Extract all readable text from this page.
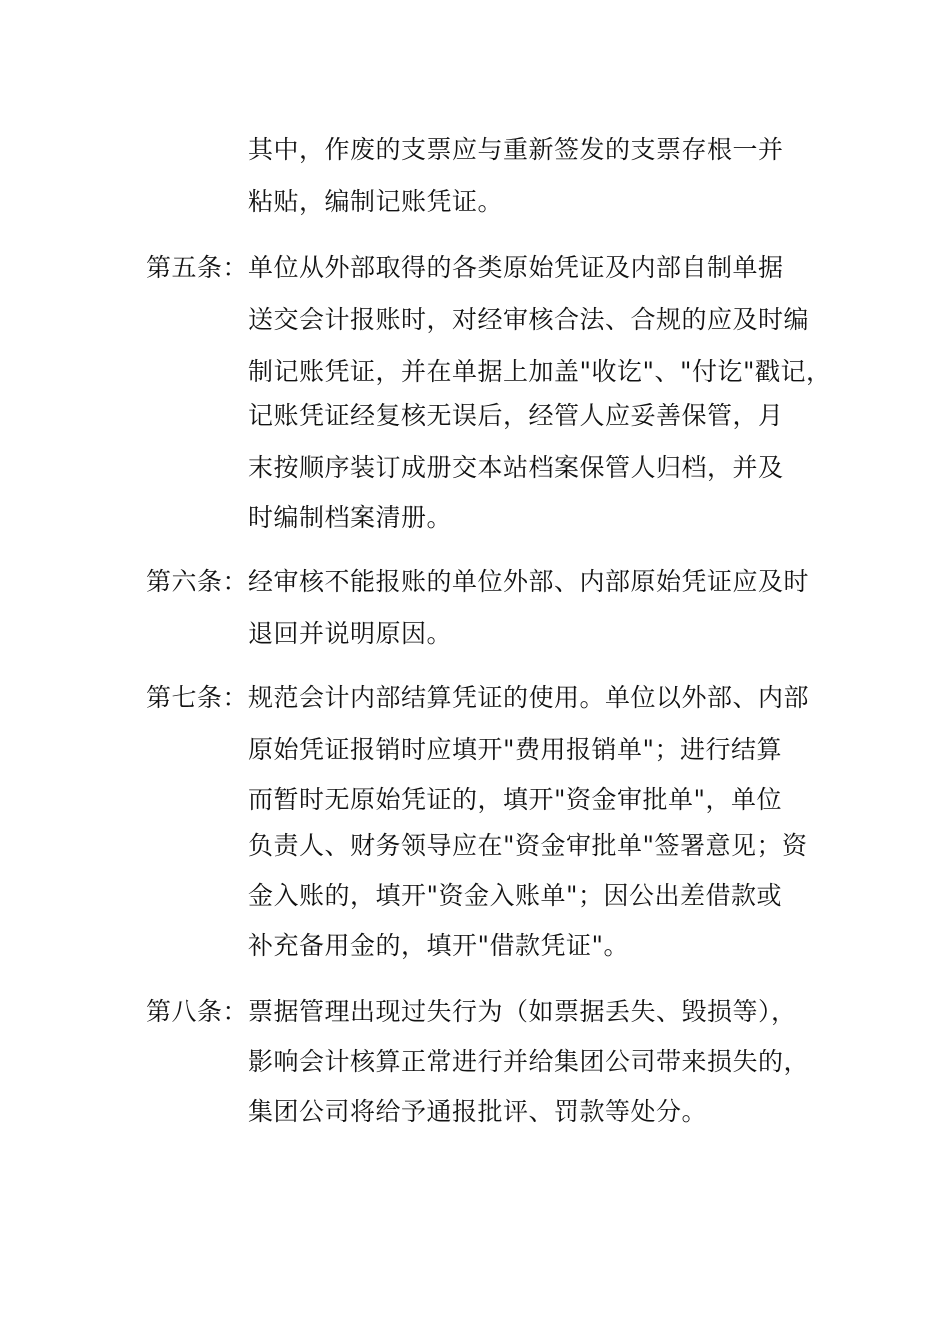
其中，作废的支票应与重新签发的支票存根一并
粘贴，编制记账凭证。
第五条： 单位从外部取得的各类原始凭证及内部自制单据
送交会计报账时，对经审核合法、合规的应及时编
制记账凭证，并在单据上加盖"收讫"、"付讫"戳记，
记账凭证经复核无误后，经管人应妥善保管，月
末按顺序装订成册交本站档案保管人归档，并及
时编制档案清册。
第六条： 经审核不能报账的单位外部、内部原始凭证应及时
退回并说明原因。
第七条： 规范会计内部结算凭证的使用。单位以外部、内部
原始凭证报销时应填开"费用报销单"；进行结算
而暂时无原始凭证的，填开"资金审批单"，单位
负责人、财务领导应在"资金审批单"签署意见；资
金入账的，填开"资金入账单"；因公出差借款或
补充备用金的，填开"借款凭证"。
第八条： 票据管理出现过失行为（如票据丢失、毁损等），
影响会计核算正常进行并给集团公司带来损失的，
集团公司将给予通报批评、罚款等处分。
